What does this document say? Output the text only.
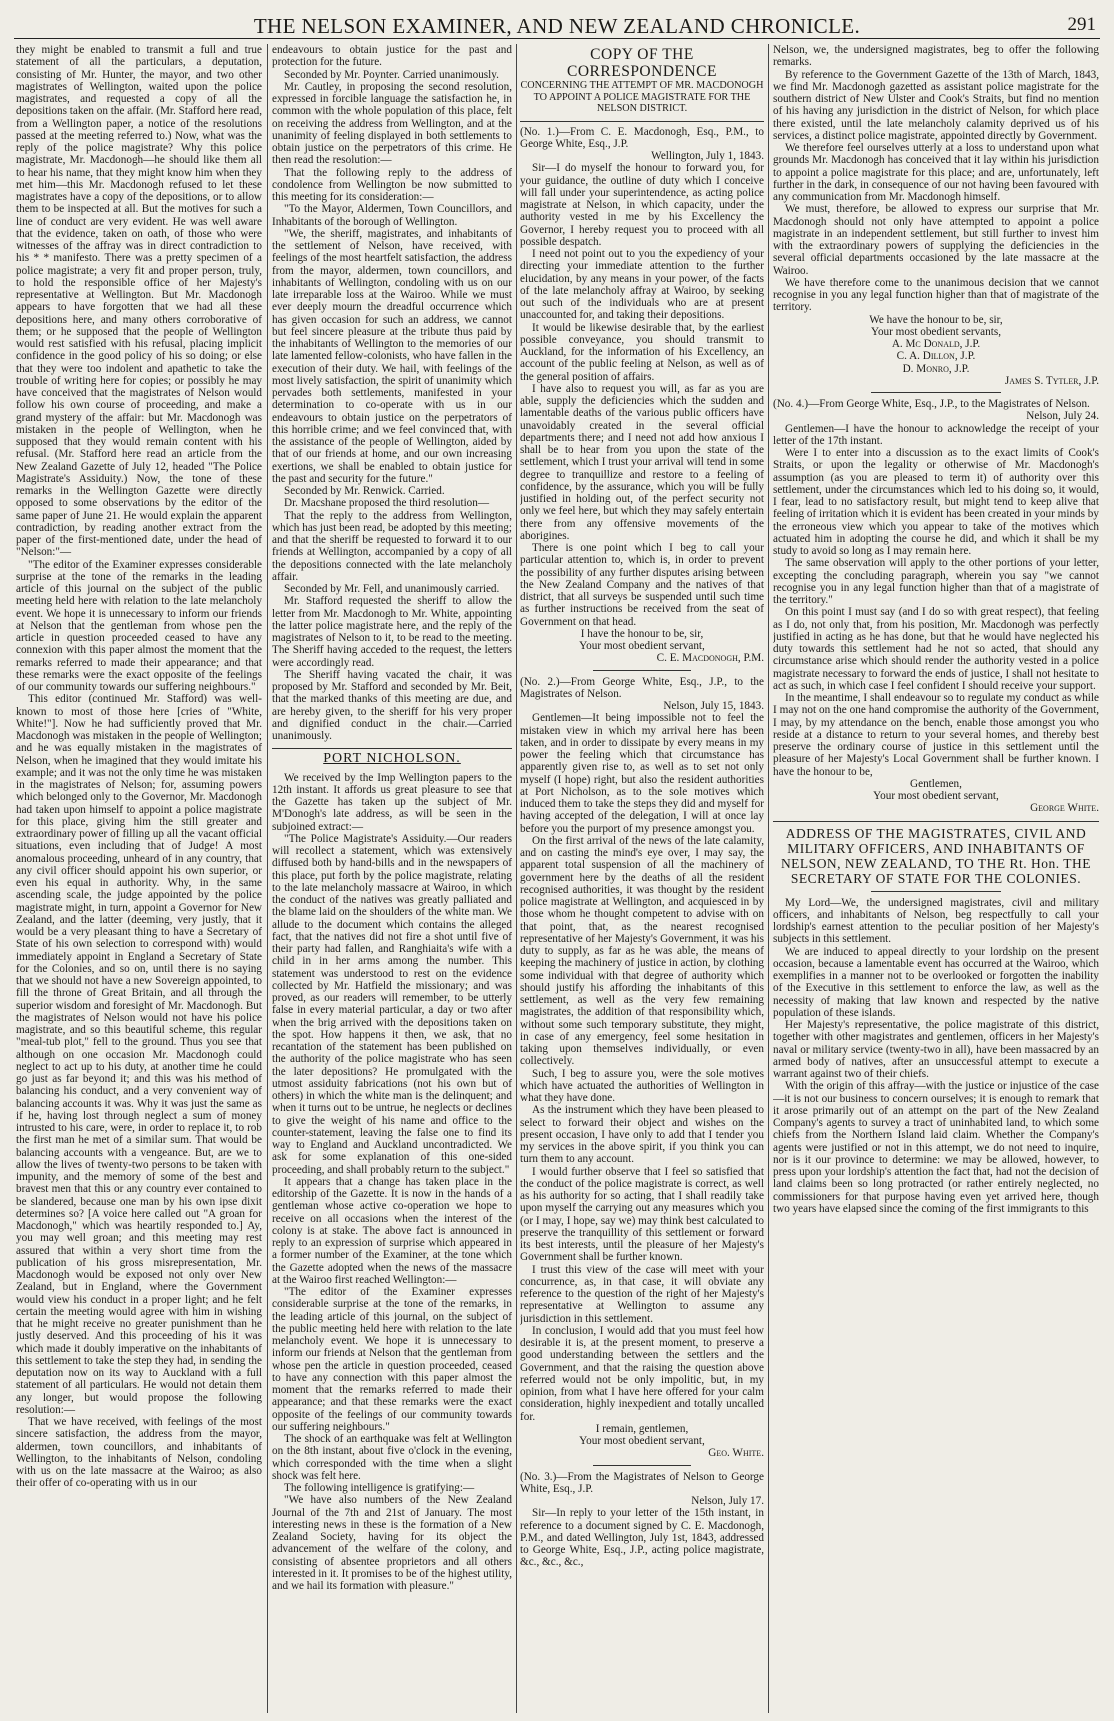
THE NELSON EXAMINER, AND NEW ZEALAND CHRONICLE.	291

they might be enabled to transmit a full and true statement of all the particulars, a deputation, consisting of Mr. Hunter, the mayor, and two other magistrates of Wellington, waited upon the police magistrates, and requested a copy of all the depositions taken on the affair. (Mr. Stafford here read, from a Wellington paper, a notice of the resolutions passed at the meeting referred to.) Now, what was the reply of the police magistrate? Why this police magistrate, Mr. Macdonogh—he should like them all to hear his name, that they might know him when they met him—this Mr. Macdonogh refused to let these magistrates have a copy of the depositions, or to allow them to be inspected at all. But the motives for such a line of conduct are very evident. He was well aware that the evidence, taken on oath, of those who were witnesses of the affray was in direct contradiction to his * * manifesto. There was a pretty specimen of a police magistrate; a very fit and proper person, truly, to hold the responsible office of her Majesty's representative at Wellington. But Mr. Macdonogh appears to have forgotten that we had all these depositions here, and many others corroborative of them; or he supposed that the people of Wellington would rest satisfied with his refusal, placing implicit confidence in the good policy of his so doing; or else that they were too indolent and apathetic to take the trouble of writing here for copies; or possibly he may have conceived that the magistrates of Nelson would follow his own course of proceeding, and make a grand mystery of the affair: but Mr. Macdonogh was mistaken in the people of Wellington, when he supposed that they would remain content with his refusal. (Mr. Stafford here read an article from the New Zealand Gazette of July 12, headed "The Police Magistrate's Assiduity.) Now, the tone of these remarks in the Wellington Gazette were directly opposed to some observations by the editor of the same paper of June 21. He would explain the apparent contradiction, by reading another extract from the paper of the first-mentioned date, under the head of "Nelson:"—

"The editor of the Examiner expresses considerable surprise at the tone of the remarks in the leading article of this journal on the subject of the public meeting held here with relation to the late melancholy event. We hope it is unnecessary to inform our friends at Nelson that the gentleman from whose pen the article in question proceeded ceased to have any connexion with this paper almost the moment that the remarks referred to made their appearance; and that these remarks were the exact opposite of the feelings of our community towards our suffering neighbours."

This editor (continued Mr. Stafford) was well-known to most of those here [cries of "White, White!"]. Now he had sufficiently proved that Mr. Macdonogh was mistaken in the people of Wellington; and he was equally mistaken in the magistrates of Nelson, when he imagined that they would imitate his example; and it was not the only time he was mistaken in the magistrates of Nelson; for, assuming powers which belonged only to the Governor, Mr. Macdonogh had taken upon himself to appoint a police magistrate for this place, giving him the still greater and extraordinary power of filling up all the vacant official situations, even including that of Judge! A most anomalous proceeding, unheard of in any country, that any civil officer should appoint his own superior, or even his equal in authority. Why, in the same ascending scale, the judge appointed by the police magistrate might, in turn, appoint a Governor for New Zealand, and the latter (deeming, very justly, that it would be a very pleasant thing to have a Secretary of State of his own selection to correspond with) would immediately appoint in England a Secretary of State for the Colonies, and so on, until there is no saying that we should not have a new Sovereign appointed, to fill the throne of Great Britain, and all through the superior wisdom and foresight of Mr. Macdonogh. But the magistrates of Nelson would not have his police magistrate, and so this beautiful scheme, this regular "meal-tub plot," fell to the ground. Thus you see that although on one occasion Mr. Macdonogh could neglect to act up to his duty, at another time he could go just as far beyond it; and this was his method of balancing his conduct, and a very convenient way of balancing accounts it was. Why it was just the same as if he, having lost through neglect a sum of money intrusted to his care, were, in order to replace it, to rob the first man he met of a similar sum. That would be balancing accounts with a vengeance. But, are we to allow the lives of twenty-two persons to be taken with impunity, and the memory of some of the best and bravest men that this or any country ever contained to be slandered, because one man by his own ipse dixit determines so? [A voice here called out "A groan for Macdonogh," which was heartily responded to.] Ay, you may well groan; and this meeting may rest assured that within a very short time from the publication of his gross misrepresentation, Mr. Macdonogh would be exposed not only over New Zealand, but in England, where the Government would view his conduct in a proper light; and he felt certain the meeting would agree with him in wishing that he might receive no greater punishment than he justly deserved. And this proceeding of his it was which made it doubly imperative on the inhabitants of this settlement to take the step they had, in sending the deputation now on its way to Auckland with a full statement of all particulars. He would not detain them any longer, but would propose the following resolution:—

That we have received, with feelings of the most sincere satisfaction, the address from the mayor, aldermen, town councillors, and inhabitants of Wellington, to the inhabitants of Nelson, condoling with us on the late massacre at the Wairoo; as also their offer of co-operating with us in our

endeavours to obtain justice for the past and protection for the future.

Seconded by Mr. Poynter. Carried unanimously.

Mr. Cautley, in proposing the second resolution, expressed in forcible language the satisfaction he, in common with the whole population of this place, felt on receiving the address from Wellington, and at the unanimity of feeling displayed in both settlements to obtain justice on the perpetrators of this crime. He then read the resolution:—

That the following reply to the address of condolence from Wellington be now submitted to this meeting for its consideration:—

"To the Mayor, Aldermen, Town Councillors, and Inhabitants of the borough of Wellington.

"We, the sheriff, magistrates, and inhabitants of the settlement of Nelson, have received, with feelings of the most heartfelt satisfaction, the address from the mayor, aldermen, town councillors, and inhabitants of Wellington, condoling with us on our late irreparable loss at the Wairoo. While we must ever deeply mourn the dreadful occurrence which has given occasion for such an address, we cannot but feel sincere pleasure at the tribute thus paid by the inhabitants of Wellington to the memories of our late lamented fellow-colonists, who have fallen in the execution of their duty. We hail, with feelings of the most lively satisfaction, the spirit of unanimity which pervades both settlements, manifested in your determination to co-operate with us in our endeavours to obtain justice on the perpetrators of this horrible crime; and we feel convinced that, with the assistance of the people of Wellington, aided by that of our friends at home, and our own increasing exertions, we shall be enabled to obtain justice for the past and security for the future."

Seconded by Mr. Renwick. Carried.

Dr. Macshane proposed the third resolution—

That the reply to the address from Wellington, which has just been read, be adopted by this meeting; and that the sheriff be requested to forward it to our friends at Wellington, accompanied by a copy of all the depositions connected with the late melancholy affair.

Seconded by Mr. Fell, and unanimously carried.

Mr. Stafford requested the sheriff to allow the letter from Mr. Macdonogh to Mr. White, appointing the latter police magistrate here, and the reply of the magistrates of Nelson to it, to be read to the meeting. The Sheriff having acceded to the request, the letters were accordingly read.

The Sheriff having vacated the chair, it was proposed by Mr. Stafford and seconded by Mr. Beit, that the marked thanks of this meeting are due, and are hereby given, to the sheriff for his very proper and dignified conduct in the chair.—Carried unanimously.

PORT NICHOLSON.

We received by the Imp Wellington papers to the 12th instant. It affords us great pleasure to see that the Gazette has taken up the subject of Mr. M'Donogh's late address, as will be seen in the subjoined extract:—

"The Police Magistrate's Assiduity.—Our readers will recollect a statement, which was extensively diffused both by hand-bills and in the newspapers of this place, put forth by the police magistrate, relating to the late melancholy massacre at Wairoo, in which the conduct of the natives was greatly palliated and the blame laid on the shoulders of the white man. We allude to the document which contains the alleged fact, that the natives did not fire a shot until five of their party had fallen, and Ranghiaita's wife with a child in in her arms among the number. This statement was understood to rest on the evidence collected by Mr. Hatfield the missionary; and was proved, as our readers will remember, to be utterly false in every material particular, a day or two after when the brig arrived with the depositions taken on the spot. How happens it then, we ask, that no recantation of the statement has been published on the authority of the police magistrate who has seen the later depositions? He promulgated with the utmost assiduity fabrications (not his own but of others) in which the white man is the delinquent; and when it turns out to be untrue, he neglects or declines to give the weight of his name and office to the counter-statement, leaving the false one to find its way to England and Auckland uncontradicted. We ask for some explanation of this one-sided proceeding, and shall probably return to the subject."

It appears that a change has taken place in the editorship of the Gazette. It is now in the hands of a gentleman whose active co-operation we hope to receive on all occasions when the interest of the colony is at stake. The above fact is announced in reply to an expression of surprise which appeared in a former number of the Examiner, at the tone which the Gazette adopted when the news of the massacre at the Wairoo first reached Wellington:—

"The editor of the Examiner expresses considerable surprise at the tone of the remarks, in the leading article of this journal, on the subject of the public meeting held here with relation to the late melancholy event. We hope it is unnecessary to inform our friends at Nelson that the gentleman from whose pen the article in question proceeded, ceased to have any connection with this paper almost the moment that the remarks referred to made their appearance; and that these remarks were the exact opposite of the feelings of our community towards our suffering neighbours."

The shock of an earthquake was felt at Wellington on the 8th instant, about five o'clock in the evening, which corresponded with the time when a slight shock was felt here.

The following intelligence is gratifying:—

"We have also numbers of the New Zealand Journal of the 7th and 21st of January. The most interesting news in these is the formation of a New Zealand Society, having for its object the advancement of the welfare of the colony, and consisting of absentee proprietors and all others interested in it. It promises to be of the highest utility, and we hail its formation with pleasure."

COPY OF THE CORRESPONDENCE
CONCERNING THE ATTEMPT OF MR. MACDONOGH TO APPOINT A POLICE MAGISTRATE FOR THE NELSON DISTRICT.

(No. 1.)—From C. E. Macdonogh, Esq., P.M., to George White, Esq., J.P.

Wellington, July 1, 1843.

Sir—I do myself the honour to forward you, for your guidance, the outline of duty which I conceive will fall under your superintendence, as acting police magistrate at Nelson, in which capacity, under the authority vested in me by his Excellency the Governor, I hereby request you to proceed with all possible despatch.

I need not point out to you the expediency of your directing your immediate attention to the further elucidation, by any means in your power, of the facts of the late melancholy affray at Wairoo, by seeking out such of the individuals who are at present unaccounted for, and taking their depositions.

It would be likewise desirable that, by the earliest possible conveyance, you should transmit to Auckland, for the information of his Excellency, an account of the public feeling at Nelson, as well as of the general position of affairs.

I have also to request you will, as far as you are able, supply the deficiencies which the sudden and lamentable deaths of the various public officers have unavoidably created in the several official departments there; and I need not add how anxious I shall be to hear from you upon the state of the settlement, which I trust your arrival will tend in some degree to tranquillize and restore to a feeling of confidence, by the assurance, which you will be fully justified in holding out, of the perfect security not only we feel here, but which they may safely entertain there from any offensive movements of the aborigines.

There is one point which I beg to call your particular attention to, which is, in order to prevent the possibility of any further disputes arising between the New Zealand Company and the natives of that district, that all surveys be suspended until such time as further instructions be received from the seat of Government on that head.

I have the honour to be, sir,

Your most obedient servant,

C. E. Macdonogh, P.M.

(No. 2.)—From George White, Esq., J.P., to the Magistrates of Nelson.

Nelson, July 15, 1843.

Gentlemen—It being impossible not to feel the mistaken view in which my arrival here has been taken, and in order to dissipate by every means in my power the feeling which that circumstance has apparently given rise to, as well as to set not only myself (I hope) right, but also the resident authorities at Port Nicholson, as to the sole motives which induced them to take the steps they did and myself for having accepted of the delegation, I will at once lay before you the purport of my presence amongst you.

On the first arrival of the news of the late calamity, and on casting the mind's eye over, I may say, the apparent total suspension of all the machinery of government here by the deaths of all the resident recognised authorities, it was thought by the resident police magistrate at Wellington, and acquiesced in by those whom he thought competent to advise with on that point, that, as the nearest recognised representative of her Majesty's Government, it was his duty to supply, as far as he was able, the means of keeping the machinery of justice in action, by clothing some individual with that degree of authority which should justify his affording the inhabitants of this settlement, as well as the very few remaining magistrates, the addition of that responsibility which, without some such temporary substitute, they might, in case of any emergency, feel some hesitation in taking upon themselves individually, or even collectively.

Such, I beg to assure you, were the sole motives which have actuated the authorities of Wellington in what they have done.

As the instrument which they have been pleased to select to forward their object and wishes on the present occasion, I have only to add that I tender you my services in the above spirit, if you think you can turn them to any account.

I would further observe that I feel so satisfied that the conduct of the police magistrate is correct, as well as his authority for so acting, that I shall readily take upon myself the carrying out any measures which you (or I may, I hope, say we) may think best calculated to preserve the tranquillity of this settlement or forward its best interests, until the pleasure of her Majesty's Government shall be further known.

I trust this view of the case will meet with your concurrence, as, in that case, it will obviate any reference to the question of the right of her Majesty's representative at Wellington to assume any jurisdiction in this settlement.

In conclusion, I would add that you must feel how desirable it is, at the present moment, to preserve a good understanding between the settlers and the Government, and that the raising the question above referred would not be only impolitic, but, in my opinion, from what I have here offered for your calm consideration, highly inexpedient and totally uncalled for.

I remain, gentlemen,

Your most obedient servant,

Geo. White.

(No. 3.)—From the Magistrates of Nelson to George White, Esq., J.P.

Nelson, July 17.

Sir—In reply to your letter of the 15th instant, in reference to a document signed by C. E. Macdonogh, P.M., and dated Wellington, July 1st, 1843, addressed to George White, Esq., J.P., acting police magistrate, &c., &c., &c.,

Nelson, we, the undersigned magistrates, beg to offer the following remarks.

By reference to the Government Gazette of the 13th of March, 1843, we find Mr. Macdonogh gazetted as assistant police magistrate for the southern district of New Ulster and Cook's Straits, but find no mention of his having any jurisdiction in the district of Nelson, for which place there existed, until the late melancholy calamity deprived us of his services, a distinct police magistrate, appointed directly by Government.

We therefore feel ourselves utterly at a loss to understand upon what grounds Mr. Macdonogh has conceived that it lay within his jurisdiction to appoint a police magistrate for this place; and are, unfortunately, left further in the dark, in consequence of our not having been favoured with any communication from Mr. Macdonogh himself.

We must, therefore, be allowed to express our surprise that Mr. Macdonogh should not only have attempted to appoint a police magistrate in an independent settlement, but still further to invest him with the extraordinary powers of supplying the deficiencies in the several official departments occasioned by the late massacre at the Wairoo.

We have therefore come to the unanimous decision that we cannot recognise in you any legal function higher than that of magistrate of the territory.

We have the honour to be, sir,

Your most obedient servants,

A. Mc Donald, J.P.

C. A. Dillon, J.P.

D. Monro, J.P.

James S. Tytler, J.P.

(No. 4.)—From George White, Esq., J.P., to the Magistrates of Nelson.

Nelson, July 24.

Gentlemen—I have the honour to acknowledge the receipt of your letter of the 17th instant.

Were I to enter into a discussion as to the exact limits of Cook's Straits, or upon the legality or otherwise of Mr. Macdonogh's assumption (as you are pleased to term it) of authority over this settlement, under the circumstances which led to his doing so, it would, I fear, lead to no satisfactory result, but might tend to keep alive that feeling of irritation which it is evident has been created in your minds by the erroneous view which you appear to take of the motives which actuated him in adopting the course he did, and which it shall be my study to avoid so long as I may remain here.

The same observation will apply to the other portions of your letter, excepting the concluding paragraph, wherein you say "we cannot recognise you in any legal function higher than that of a magistrate of the territory."

On this point I must say (and I do so with great respect), that feeling as I do, not only that, from his position, Mr. Macdonogh was perfectly justified in acting as he has done, but that he would have neglected his duty towards this settlement had he not so acted, that should any circumstance arise which should render the authority vested in a police magistrate necessary to forward the ends of justice, I shall not hesitate to act as such, in which case I feel confident I should receive your support.

In the meantime, I shall endeavour so to regulate my conduct as while I may not on the one hand compromise the authority of the Government, I may, by my attendance on the bench, enable those amongst you who reside at a distance to return to your several homes, and thereby best preserve the ordinary course of justice in this settlement until the pleasure of her Majesty's Local Government shall be further known. I have the honour to be,

Gentlemen,

Your most obedient servant,

George White.

ADDRESS OF THE MAGISTRATES, CIVIL AND MILITARY OFFICERS, AND INHABITANTS OF NELSON, NEW ZEALAND, TO THE Rt. Hon. THE SECRETARY OF STATE FOR THE COLONIES.

My Lord—We, the undersigned magistrates, civil and military officers, and inhabitants of Nelson, beg respectfully to call your lordship's earnest attention to the peculiar position of her Majesty's subjects in this settlement.

We are induced to appeal directly to your lordship on the present occasion, because a lamentable event has occurred at the Wairoo, which exemplifies in a manner not to be overlooked or forgotten the inability of the Executive in this settlement to enforce the law, as well as the necessity of making that law known and respected by the native population of these islands.

Her Majesty's representative, the police magistrate of this district, together with other magistrates and gentlemen, officers in her Majesty's naval or military service (twenty-two in all), have been massacred by an armed body of natives, after an unsuccessful attempt to execute a warrant against two of their chiefs.

With the origin of this affray—with the justice or injustice of the case—it is not our business to concern ourselves; it is enough to remark that it arose primarily out of an attempt on the part of the New Zealand Company's agents to survey a tract of uninhabited land, to which some chiefs from the Northern Island laid claim. Whether the Company's agents were justified or not in this attempt, we do not need to inquire, nor is it our province to determine: we may be allowed, however, to press upon your lordship's attention the fact that, had not the decision of land claims been so long protracted (or rather entirely neglected, no commissioners for that purpose having even yet arrived here, though two years have elapsed since the coming of the first immigrants to this
